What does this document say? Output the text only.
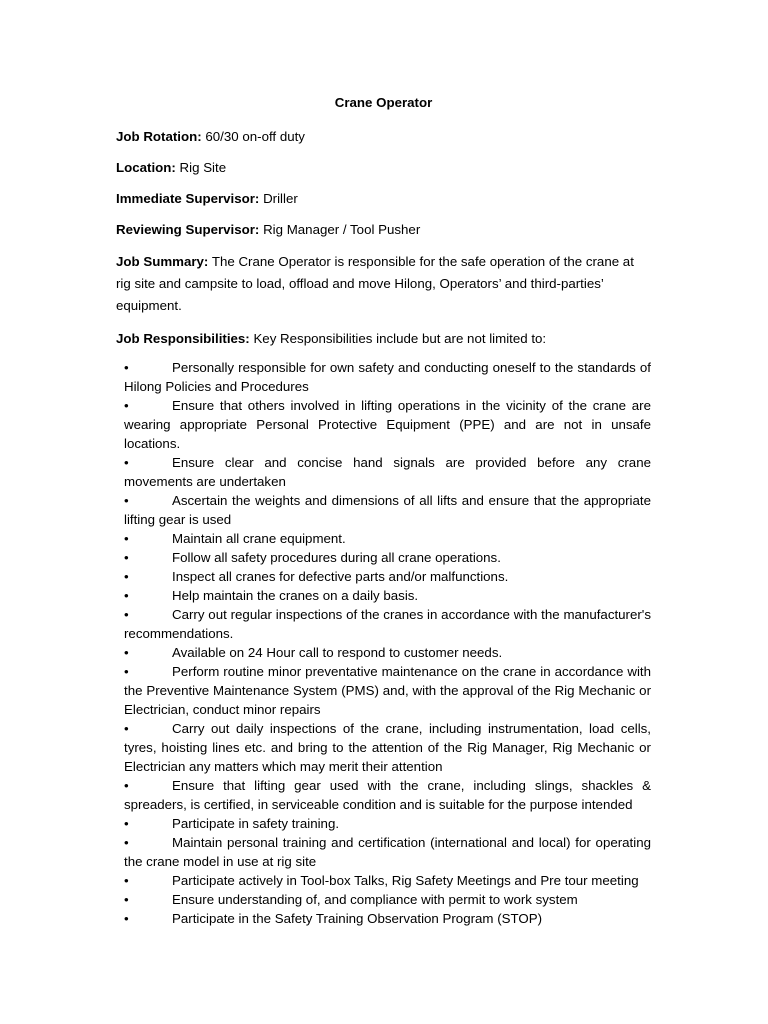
Crane Operator
Job Rotation: 60/30 on-off duty
Location: Rig Site
Immediate Supervisor: Driller
Reviewing Supervisor: Rig Manager / Tool Pusher
Job Summary: The Crane Operator is responsible for the safe operation of the crane at rig site and campsite to load, offload and move Hilong, Operators’ and third-parties’ equipment.
Job Responsibilities: Key Responsibilities include but are not limited to:
•	Personally responsible for own safety and conducting oneself to the standards of Hilong Policies and Procedures
•	Ensure that others involved in lifting operations in the vicinity of the crane are wearing appropriate Personal Protective Equipment (PPE) and are not in unsafe locations.
•	Ensure clear and concise hand signals are provided before any crane movements are undertaken
•	Ascertain the weights and dimensions of all lifts and ensure that the appropriate lifting gear is used
•	Maintain all crane equipment.
•	Follow all safety procedures during all crane operations.
•	Inspect all cranes for defective parts and/or malfunctions.
•	Help maintain the cranes on a daily basis.
•	Carry out regular inspections of the cranes in accordance with the manufacturer's recommendations.
•	Available on 24 Hour call to respond to customer needs.
•	Perform routine minor preventative maintenance on the crane in accordance with the Preventive Maintenance System (PMS) and, with the approval of the Rig Mechanic or Electrician, conduct minor repairs
•	Carry out daily inspections of the crane, including instrumentation, load cells, tyres, hoisting lines etc. and bring to the attention of the Rig Manager, Rig Mechanic or Electrician any matters which may merit their attention
•	Ensure that lifting gear used with the crane, including slings, shackles & spreaders, is certified, in serviceable condition and is suitable for the purpose intended
•	Participate in safety training.
•	Maintain personal training and certification (international and local) for operating the crane model in use at rig site
•	Participate actively in Tool-box Talks, Rig Safety Meetings and Pre tour meeting
•	Ensure understanding of, and compliance with permit to work system
•	Participate in the Safety Training Observation Program (STOP)
